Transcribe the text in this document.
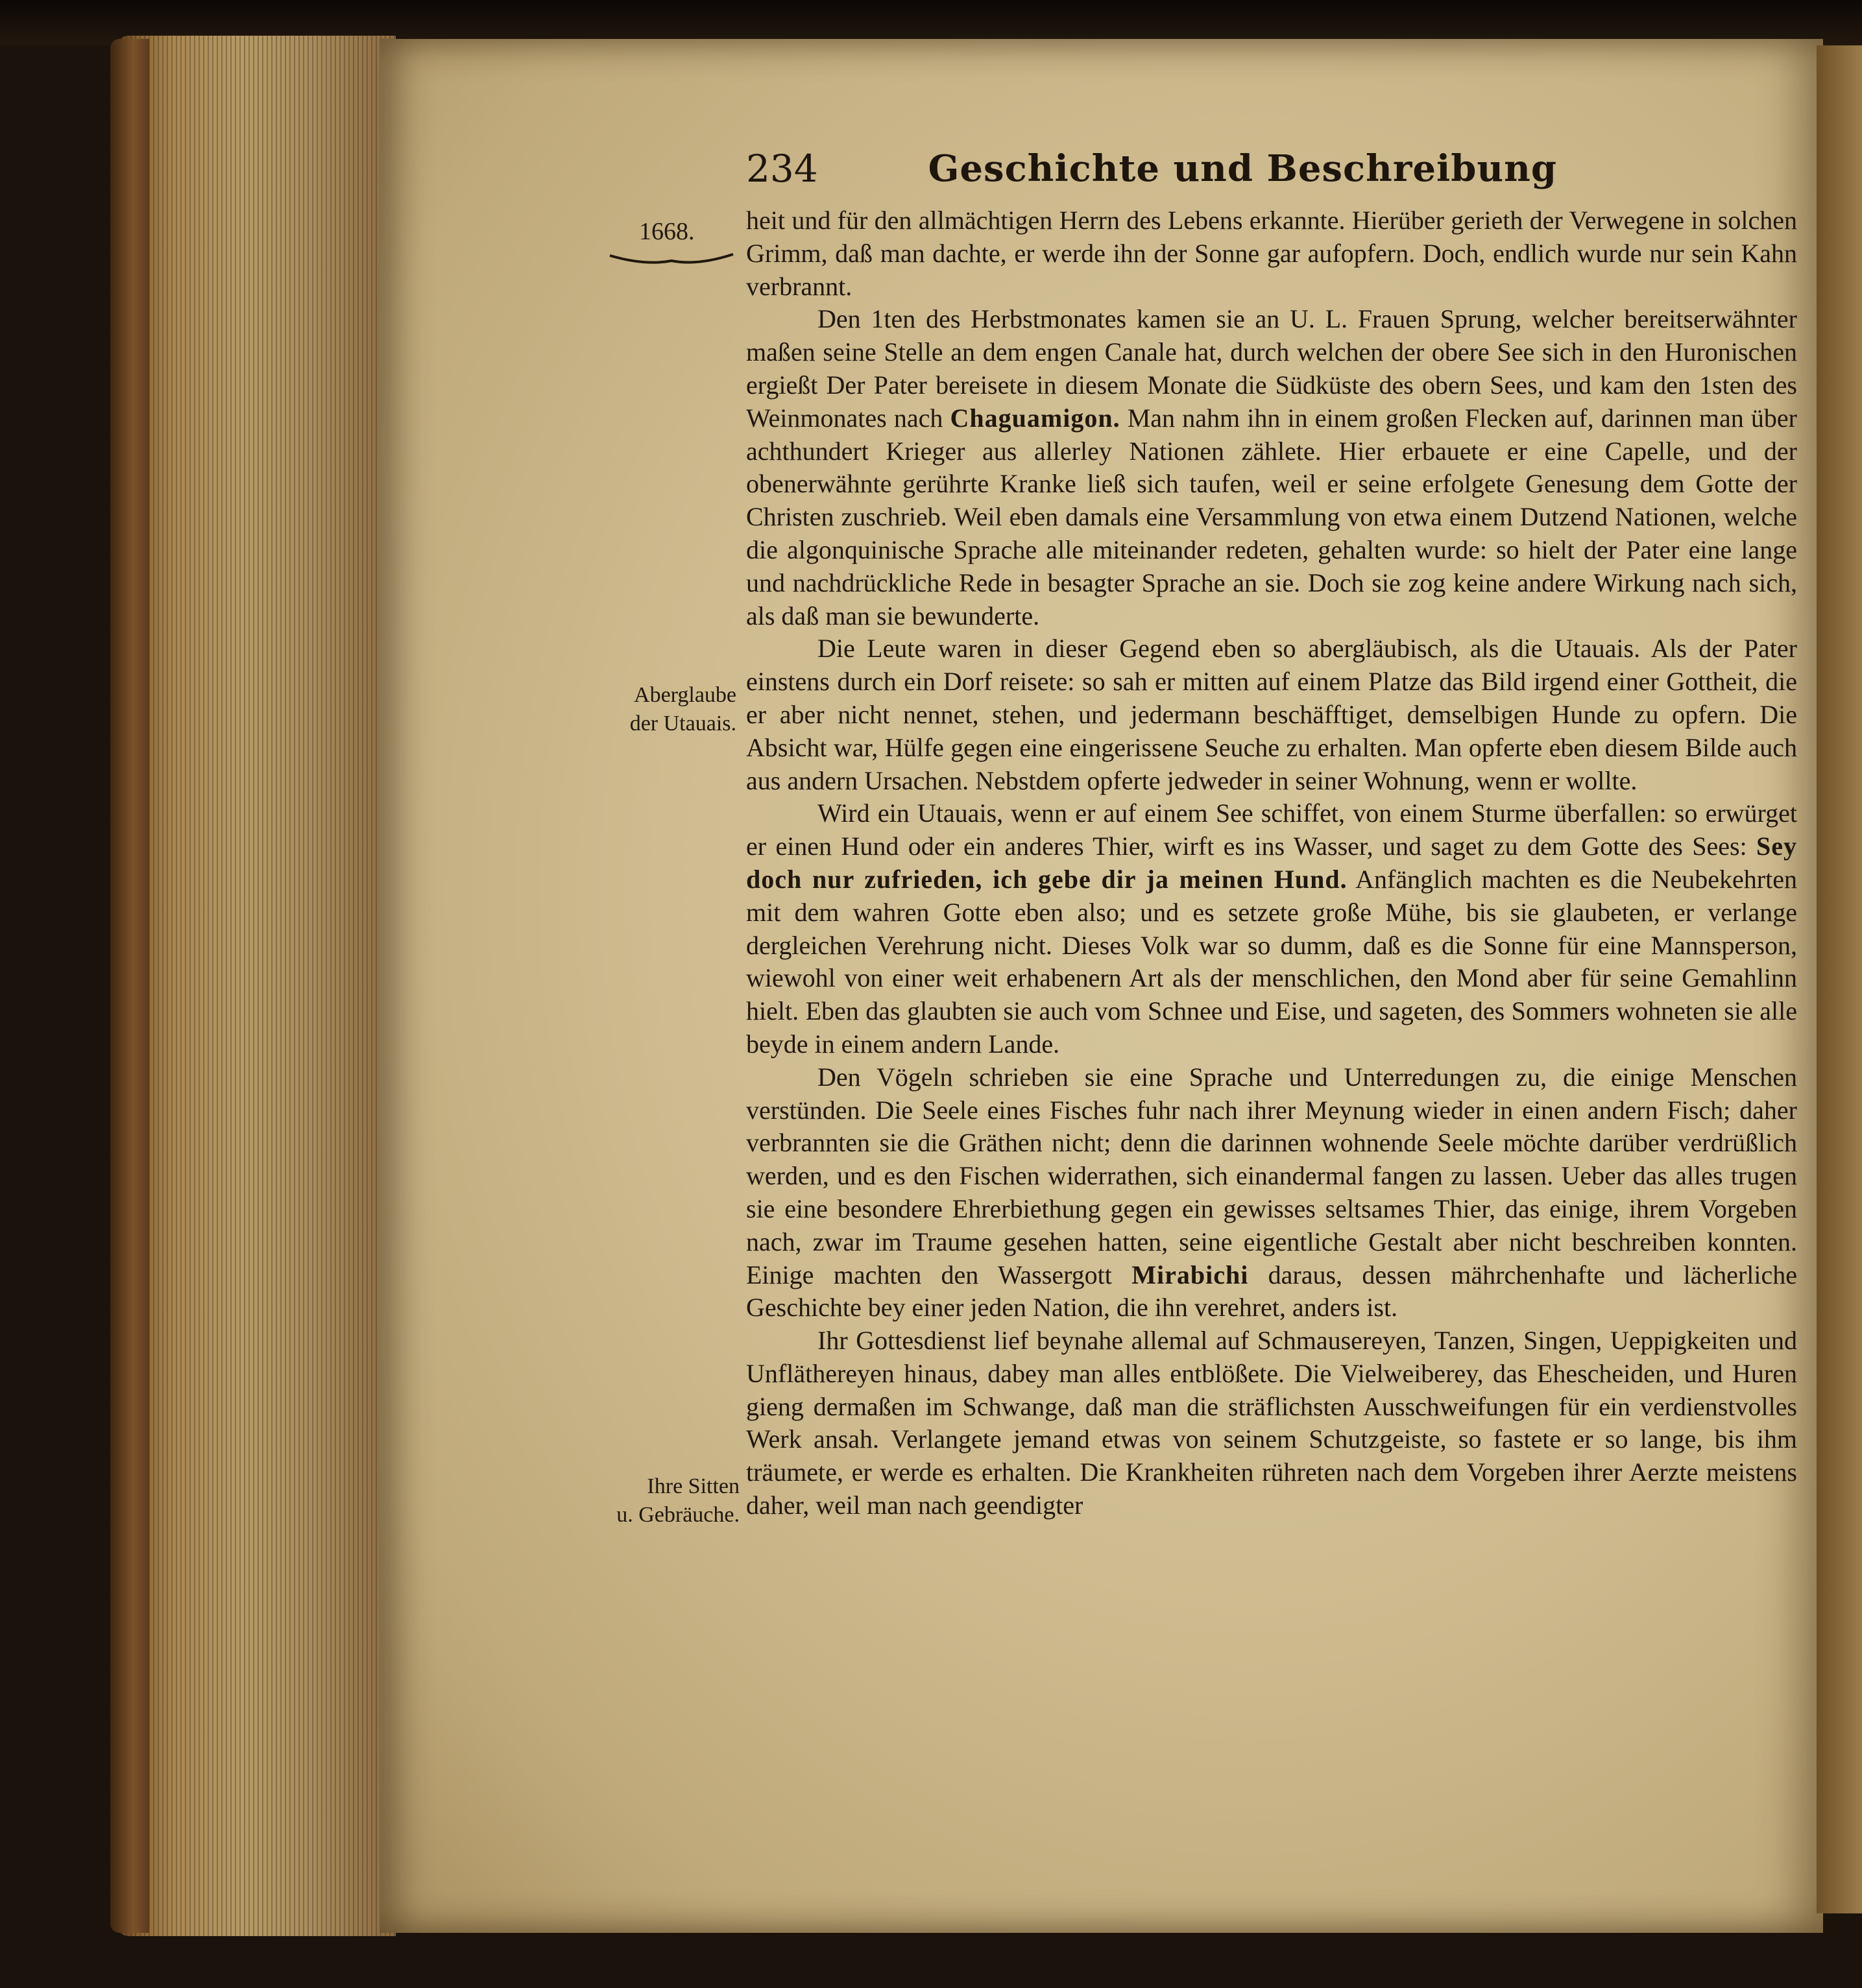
234	Geschichte und Beschreibung
1668.
Aberglaube
der Utauais.
Ihre Sitten
u. Gebräuche.

heit und für den allmächtigen Herrn des Lebens erkannte. Hierüber gerieth der Verwegene in solchen Grimm, daß man dachte, er werde ihn der Sonne gar aufopfern. Doch, endlich wurde nur sein Kahn verbrannt.

Den 1ten des Herbstmonates kamen sie an U. L. Frauen Sprung, welcher bereitserwähnter maßen seine Stelle an dem engen Canale hat, durch welchen der obere See sich in den Huronischen ergießt Der Pater bereisete in diesem Monate die Südküste des obern Sees, und kam den 1sten des Weinmonates nach Chaguamigon. Man nahm ihn in einem großen Flecken auf, darinnen man über achthundert Krieger aus allerley Nationen zählete. Hier erbauete er eine Capelle, und der obenerwähnte gerührte Kranke ließ sich taufen, weil er seine erfolgete Genesung dem Gotte der Christen zuschrieb. Weil eben damals eine Versammlung von etwa einem Dutzend Nationen, welche die algonquinische Sprache alle miteinander redeten, gehalten wurde: so hielt der Pater eine lange und nachdrückliche Rede in besagter Sprache an sie. Doch sie zog keine andere Wirkung nach sich, als daß man sie bewunderte.

Die Leute waren in dieser Gegend eben so abergläubisch, als die Utauais. Als der Pater einstens durch ein Dorf reisete: so sah er mitten auf einem Platze das Bild irgend einer Gottheit, die er aber nicht nennet, stehen, und jedermann beschäfftiget, demselbigen Hunde zu opfern. Die Absicht war, Hülfe gegen eine eingerissene Seuche zu erhalten. Man opferte eben diesem Bilde auch aus andern Ursachen. Nebstdem opferte jedweder in seiner Wohnung, wenn er wollte.

Wird ein Utauais, wenn er auf einem See schiffet, von einem Sturme überfallen: so erwürget er einen Hund oder ein anderes Thier, wirft es ins Wasser, und saget zu dem Gotte des Sees: Sey doch nur zufrieden, ich gebe dir ja meinen Hund. Anfänglich machten es die Neubekehrten mit dem wahren Gotte eben also; und es setzete große Mühe, bis sie glaubeten, er verlange dergleichen Verehrung nicht. Dieses Volk war so dumm, daß es die Sonne für eine Mannsperson, wiewohl von einer weit erhabenern Art als der menschlichen, den Mond aber für seine Gemahlinn hielt. Eben das glaubten sie auch vom Schnee und Eise, und sageten, des Sommers wohneten sie alle beyde in einem andern Lande.

Den Vögeln schrieben sie eine Sprache und Unterredungen zu, die einige Menschen verstünden. Die Seele eines Fisches fuhr nach ihrer Meynung wieder in einen andern Fisch; daher verbrannten sie die Gräthen nicht; denn die darinnen wohnende Seele möchte darüber verdrüßlich werden, und es den Fischen widerrathen, sich einandermal fangen zu lassen. Ueber das alles trugen sie eine besondere Ehrerbiethung gegen ein gewisses seltsames Thier, das einige, ihrem Vorgeben nach, zwar im Traume gesehen hatten, seine eigentliche Gestalt aber nicht beschreiben konnten. Einige machten den Wassergott Mirabichi daraus, dessen mährchenhafte und lächerliche Geschichte bey einer jeden Nation, die ihn verehret, anders ist.

Ihr Gottesdienst lief beynahe allemal auf Schmausereyen, Tanzen, Singen, Ueppigkeiten und Unfläthereyen hinaus, dabey man alles entblößete. Die Vielweiberey, das Ehescheiden, und Huren gieng dermaßen im Schwange, daß man die sträflichsten Ausschweifungen für ein verdienstvolles Werk ansah. Verlangete jemand etwas von seinem Schutzgeiste, so fastete er so lange, bis ihm träumete, er werde es erhalten. Die Krankheiten rühreten nach dem Vorgeben ihrer Aerzte meistens daher, weil man nach geendigter
